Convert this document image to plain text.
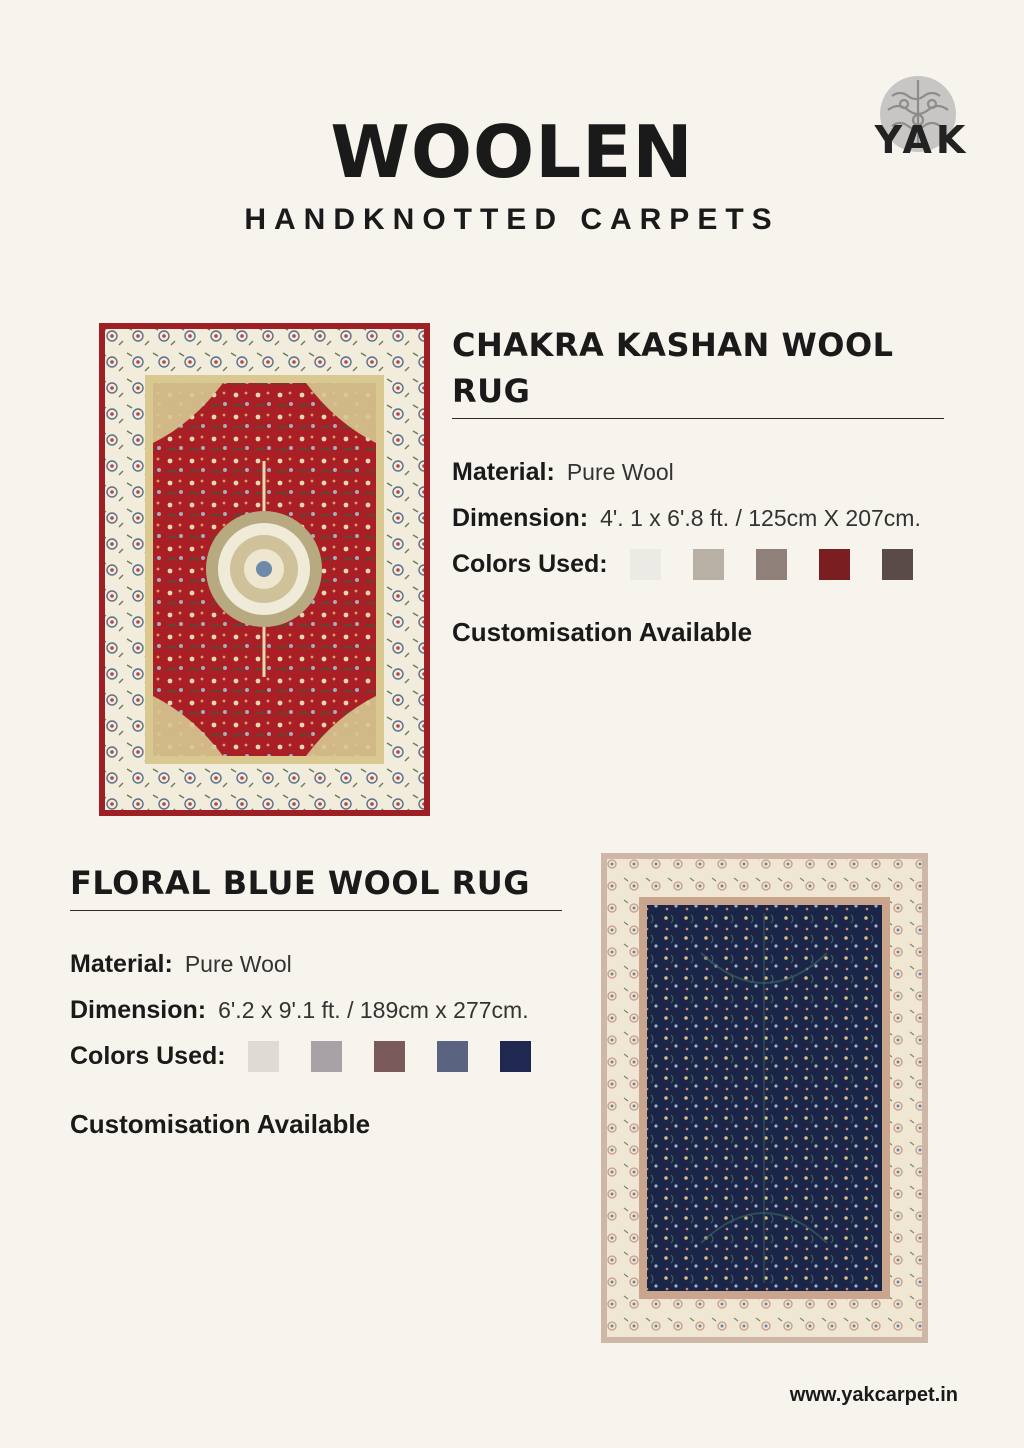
WOOLEN
HANDKNOTTED CARPETS
YAK
CHAKRA KASHAN WOOL RUG
Material: Pure Wool
Dimension: 4'. 1 x 6'.8 ft. / 125cm X 207cm.
Colors Used:
Customisation Available
FLORAL BLUE WOOL RUG
Material: Pure Wool
Dimension: 6'.2 x 9'.1 ft. / 189cm x 277cm.
Colors Used:
Customisation Available
www.yakcarpet.in
